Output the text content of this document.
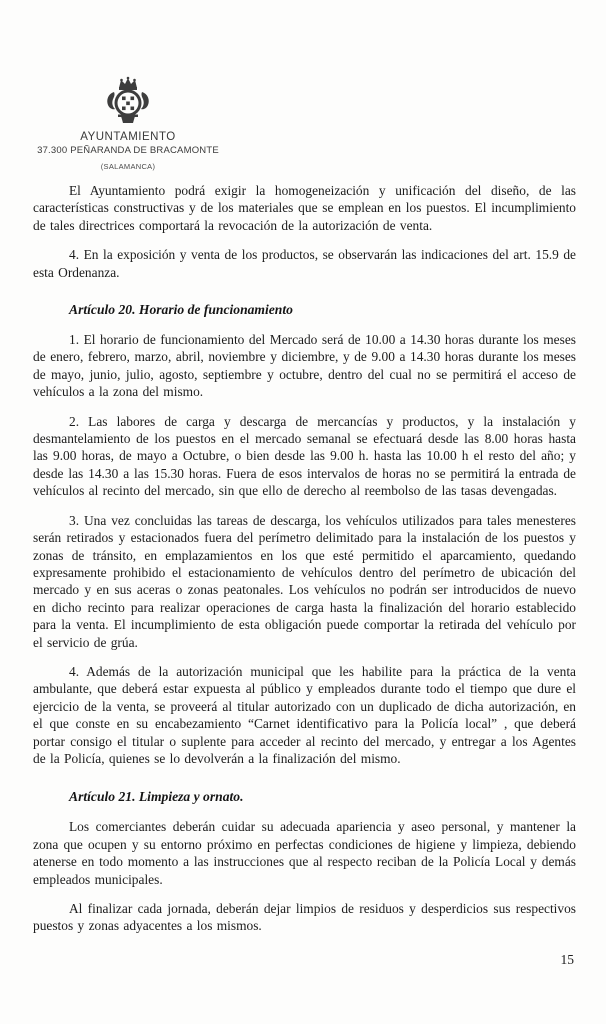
AYUNTAMIENTO
37.300 PEÑARANDA DE BRACAMONTE
(SALAMANCA)

El Ayuntamiento podrá exigir la homogeneización y unificación del diseño, de las características constructivas y de los materiales que se emplean en los puestos. El incumplimiento de tales directrices comportará la revocación de la autorización de venta.

4. En la exposición y venta de los productos, se observarán las indicaciones del art. 15.9 de esta Ordenanza.

Artículo 20. Horario de funcionamiento

1. El horario de funcionamiento del Mercado será de 10.00 a 14.30 horas durante los meses de enero, febrero, marzo, abril, noviembre y diciembre, y de 9.00 a 14.30 horas durante los meses de mayo, junio, julio, agosto, septiembre y octubre, dentro del cual no se permitirá el acceso de vehículos a la zona del mismo.

2. Las labores de carga y descarga de mercancías y productos, y la instalación y desmantelamiento de los puestos en el mercado semanal se efectuará desde las 8.00 horas hasta las 9.00 horas, de mayo a Octubre, o bien desde las 9.00 h. hasta las 10.00 h el resto del año; y desde las 14.30 a las 15.30 horas. Fuera de esos intervalos de horas no se permitirá la entrada de vehículos al recinto del mercado, sin que ello de derecho al reembolso de las tasas devengadas.

3. Una vez concluidas las tareas de descarga, los vehículos utilizados para tales menesteres serán retirados y estacionados fuera del perímetro delimitado para la instalación de los puestos y zonas de tránsito, en emplazamientos en los que esté permitido el aparcamiento, quedando expresamente prohibido el estacionamiento de vehículos dentro del perímetro de ubicación del mercado y en sus aceras o zonas peatonales. Los vehículos no podrán ser introducidos de nuevo en dicho recinto para realizar operaciones de carga hasta la finalización del horario establecido para la venta. El incumplimiento de esta obligación puede comportar la retirada del vehículo por el servicio de grúa.

4. Además de la autorización municipal que les habilite para la práctica de la venta ambulante, que deberá estar expuesta al público y empleados durante todo el tiempo que dure el ejercicio de la venta, se proveerá al titular autorizado con un duplicado de dicha autorización, en el que conste en su encabezamiento “Carnet identificativo para la Policía local” , que deberá portar consigo el titular o suplente para acceder al recinto del mercado, y entregar a los Agentes de la Policía, quienes se lo devolverán a la finalización del mismo.

Artículo 21. Limpieza y ornato.

Los comerciantes deberán cuidar su adecuada apariencia y aseo personal, y mantener la zona que ocupen y su entorno próximo en perfectas condiciones de higiene y limpieza, debiendo atenerse en todo momento a las instrucciones que al respecto reciban de la Policía Local y demás empleados municipales.

Al finalizar cada jornada, deberán dejar limpios de residuos y desperdicios sus respectivos puestos y zonas adyacentes a los mismos.

15
